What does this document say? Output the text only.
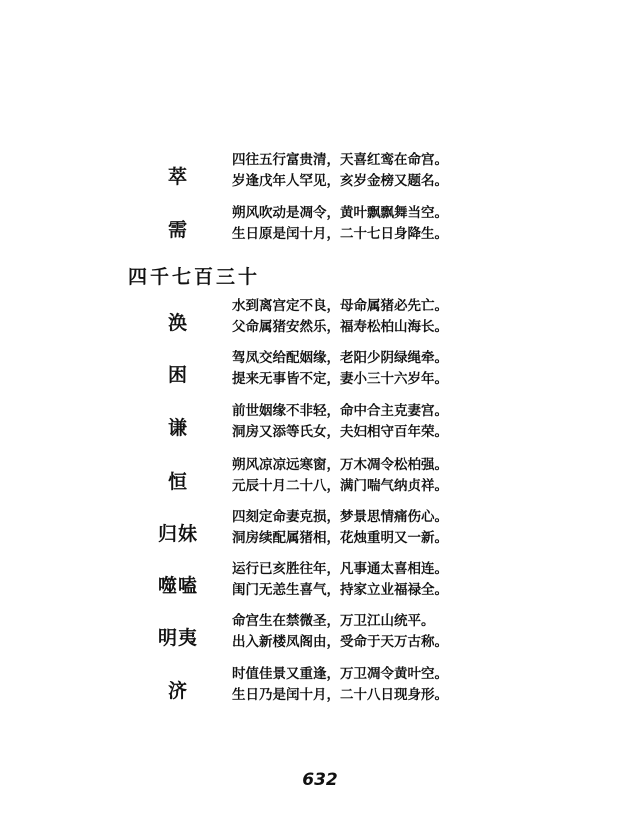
萃
四往五行富贵清，天喜红鸾在命宫。
岁逢戊年人罕见，亥岁金榜又题名。
需
朔风吹动是凋令，黄叶飘飘舞当空。
生日原是闰十月，二十七日身降生。
四千七百三十
涣
水到离宫定不良，母命属猪必先亡。
父命属猪安然乐，福寿松柏山海长。
困
驾凤交给配姻缘，老阳少阴绿绳牵。
提来无事皆不定，妻小三十六岁年。
谦
前世姻缘不非轻，命中合主克妻宫。
洞房又添等氏女，夫妇相守百年荣。
恒
朔风凉凉远寒窗，万木凋令松柏强。
元辰十月二十八，满门喘气纳贞祥。
归妹
四刻定命妻克损，梦景思情痛伤心。
洞房续配属猪相，花烛重明又一新。
噬嗑
运行已亥胜往年，凡事通太喜相连。
闺门无恙生喜气，持家立业福禄全。
明夷
命宫生在禁微圣，万卫江山统平。
出入新楼凤阁由，受命于天万古称。
济
时值佳景又重逢，万卫凋令黄叶空。
生日乃是闰十月，二十八日现身形。
632
